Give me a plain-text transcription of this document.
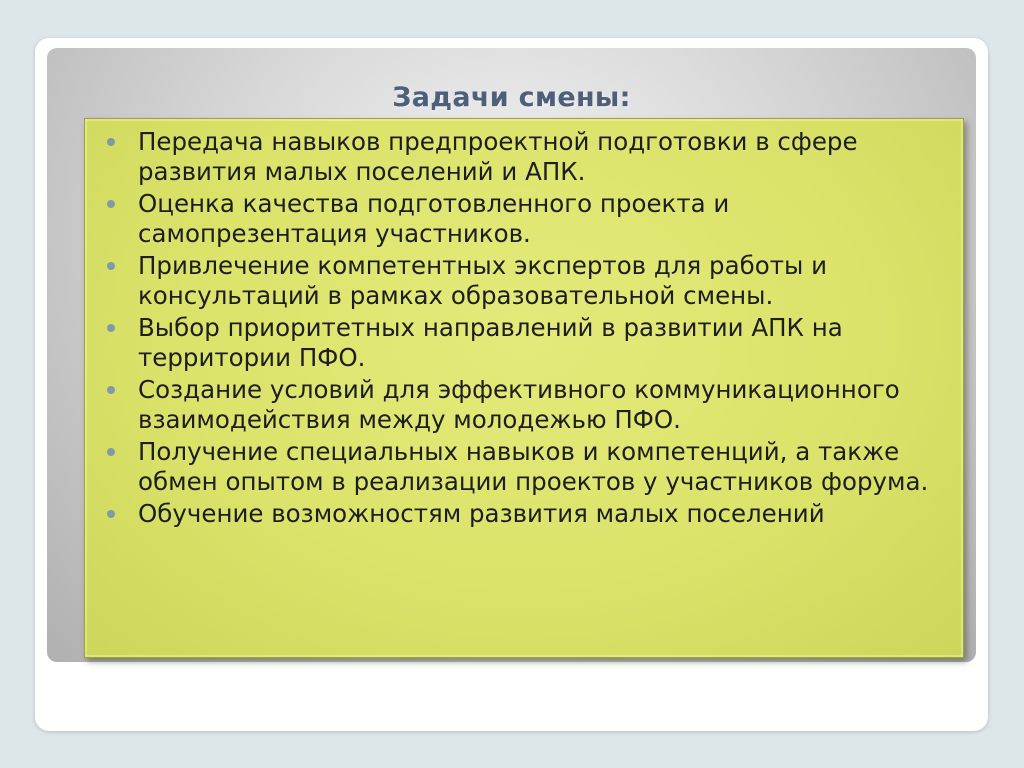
Задачи смены:
Передача навыков предпроектной подготовки в сфере развития малых поселений и АПК.
Оценка качества подготовленного проекта и самопрезентация участников.
Привлечение компетентных экспертов для работы и консультаций в рамках образовательной смены.
Выбор приоритетных направлений в развитии АПК на территории ПФО.
Создание условий для эффективного коммуникационного взаимодействия между молодежью ПФО.
Получение специальных навыков и компетенций, а также обмен опытом в реализации проектов у участников форума.
Обучение возможностям развития малых поселений
